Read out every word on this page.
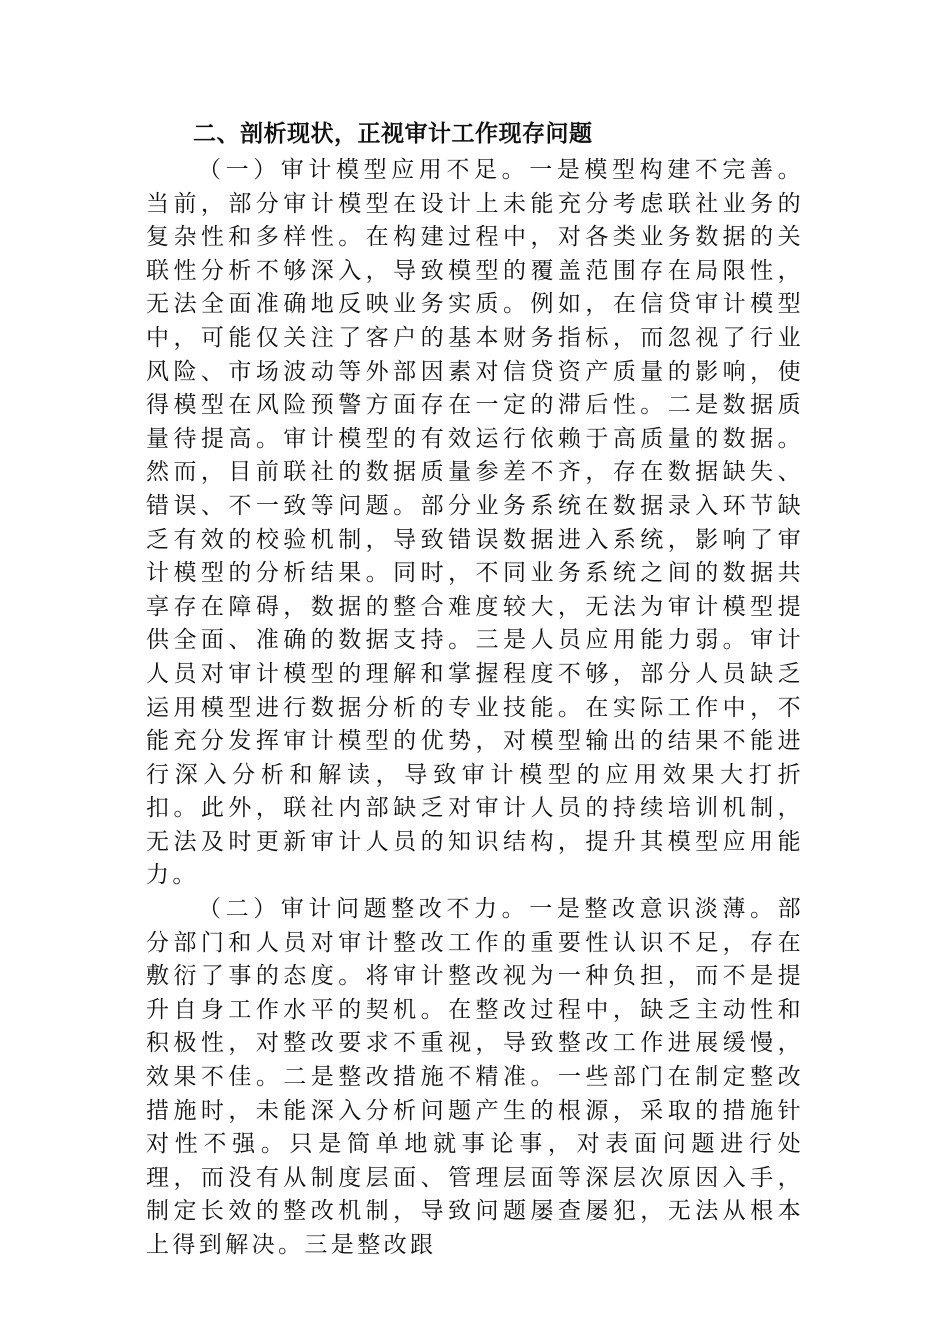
二、剖析现状，正视审计工作现存问题

（一）审计模型应用不足。一是模型构建不完善。当前，部分审计模型在设计上未能充分考虑联社业务的复杂性和多样性。在构建过程中，对各类业务数据的关联性分析不够深入，导致模型的覆盖范围存在局限性，无法全面准确地反映业务实质。例如，在信贷审计模型中，可能仅关注了客户的基本财务指标，而忽视了行业风险、市场波动等外部因素对信贷资产质量的影响，使得模型在风险预警方面存在一定的滞后性。二是数据质量待提高。审计模型的有效运行依赖于高质量的数据。然而，目前联社的数据质量参差不齐，存在数据缺失、错误、不一致等问题。部分业务系统在数据录入环节缺乏有效的校验机制，导致错误数据进入系统，影响了审计模型的分析结果。同时，不同业务系统之间的数据共享存在障碍，数据的整合难度较大，无法为审计模型提供全面、准确的数据支持。三是人员应用能力弱。审计人员对审计模型的理解和掌握程度不够，部分人员缺乏运用模型进行数据分析的专业技能。在实际工作中，不能充分发挥审计模型的优势，对模型输出的结果不能进行深入分析和解读，导致审计模型的应用效果大打折扣。此外，联社内部缺乏对审计人员的持续培训机制，无法及时更新审计人员的知识结构，提升其模型应用能力。

（二）审计问题整改不力。一是整改意识淡薄。部分部门和人员对审计整改工作的重要性认识不足，存在敷衍了事的态度。将审计整改视为一种负担，而不是提升自身工作水平的契机。在整改过程中，缺乏主动性和积极性，对整改要求不重视，导致整改工作进展缓慢，效果不佳。二是整改措施不精准。一些部门在制定整改措施时，未能深入分析问题产生的根源，采取的措施针对性不强。只是简单地就事论事，对表面问题进行处理，而没有从制度层面、管理层面等深层次原因入手，制定长效的整改机制，导致问题屡查屡犯，无法从根本上得到解决。三是整改跟
